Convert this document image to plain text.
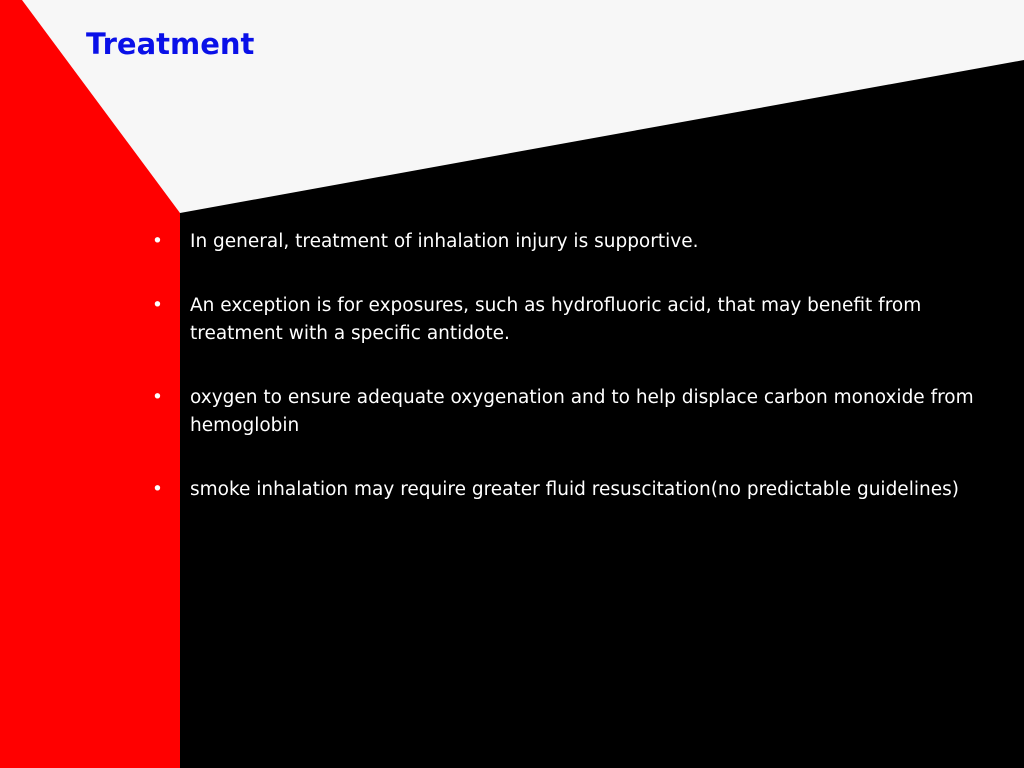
Treatment
•	In general, treatment of inhalation injury is supportive.
•	An exception is for exposures, such as hydrofluoric acid, that may benefit from treatment with a specific antidote.
•	oxygen to ensure adequate oxygenation and to help displace carbon monoxide from hemoglobin
•	smoke inhalation may require greater fluid resuscitation(no predictable guidelines)
